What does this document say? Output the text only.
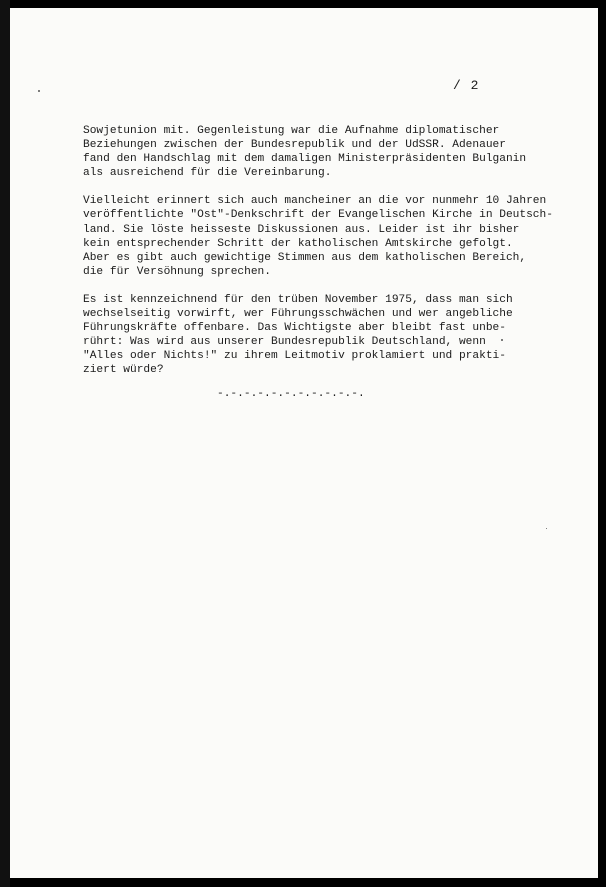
/ 2
Sowjetunion mit. Gegenleistung war die Aufnahme diplomatischer
Beziehungen zwischen der Bundesrepublik und der UdSSR. Adenauer
fand den Handschlag mit dem damaligen Ministerpräsidenten Bulganin
als ausreichend für die Vereinbarung.
Vielleicht erinnert sich auch mancheiner an die vor nunmehr 10 Jahren
veröffentlichte "Ost"-Denkschrift der Evangelischen Kirche in Deutsch-
land. Sie löste heisseste Diskussionen aus. Leider ist ihr bisher
kein entsprechender Schritt der katholischen Amtskirche gefolgt.
Aber es gibt auch gewichtige Stimmen aus dem katholischen Bereich,
die für Versöhnung sprechen.
Es ist kennzeichnend für den trüben November 1975, dass man sich
wechselseitig vorwirft, wer Führungsschwächen und wer angebliche
Führungskräfte offenbare. Das Wichtigste aber bleibt fast unbe-
rührt: Was wird aus unserer Bundesrepublik Deutschland, wenn
"Alles oder Nichts!" zu ihrem Leitmotiv proklamiert und prakti-
ziert würde?
-.-.-.-.-.-.-.-.-.-.-.
